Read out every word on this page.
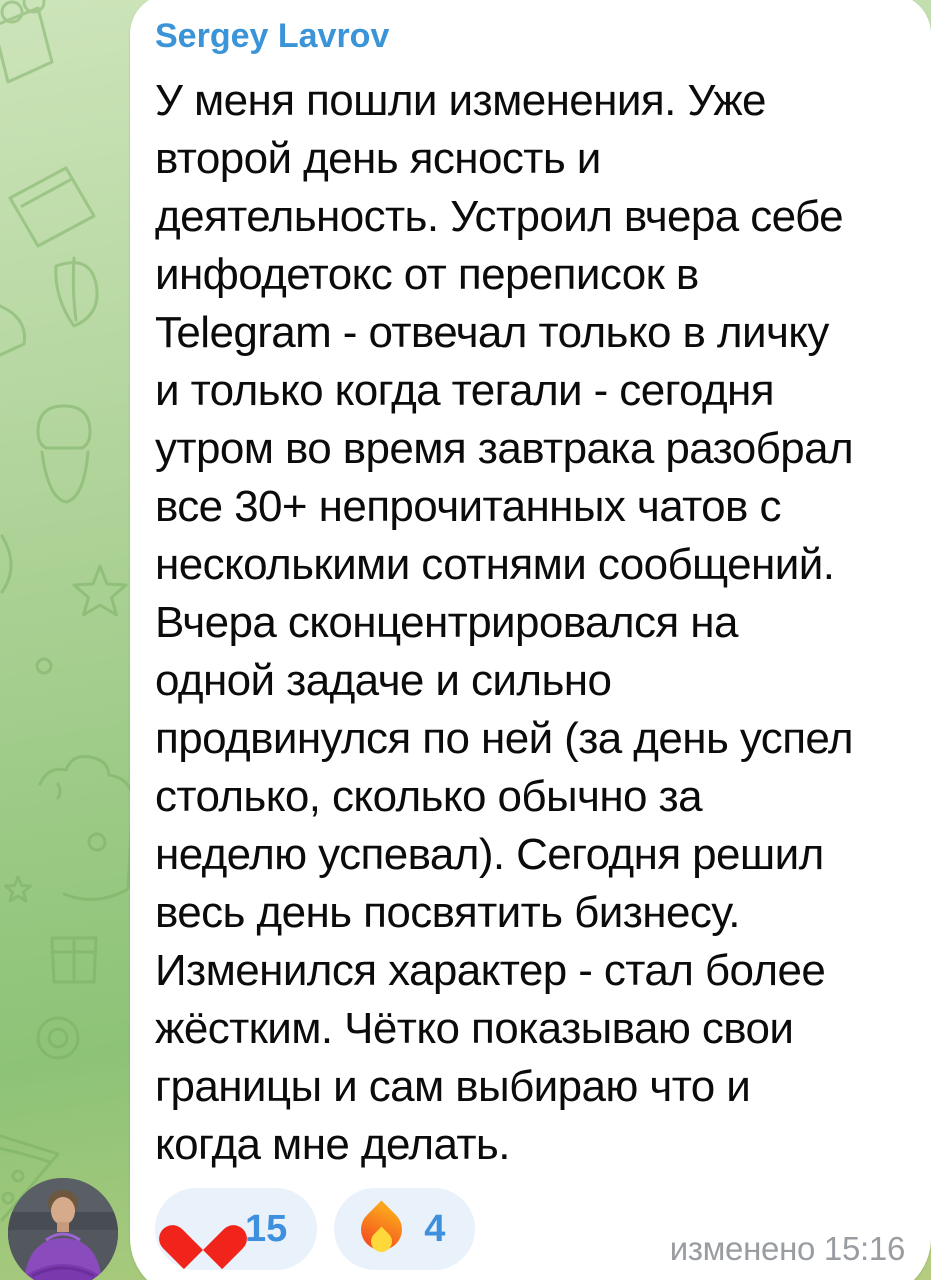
Sergey Lavrov
У меня пошли изменения. Уже
второй день ясность и
деятельность. Устроил вчера себе
инфодетокс от переписок в
Telegram - отвечал только в личку
и только когда тегали - сегодня
утром во время завтрака разобрал
все 30+ непрочитанных чатов с
несколькими сотнями сообщений.
Вчера сконцентрировался на
одной задаче и сильно
продвинулся по ней (за день успел
столько, сколько обычно за
неделю успевал). Сегодня решил
весь день посвятить бизнесу.
Изменился характер - стал более
жёстким. Чётко показываю свои
границы и сам выбираю что и
когда мне делать.
15	4	изменено 15:16
